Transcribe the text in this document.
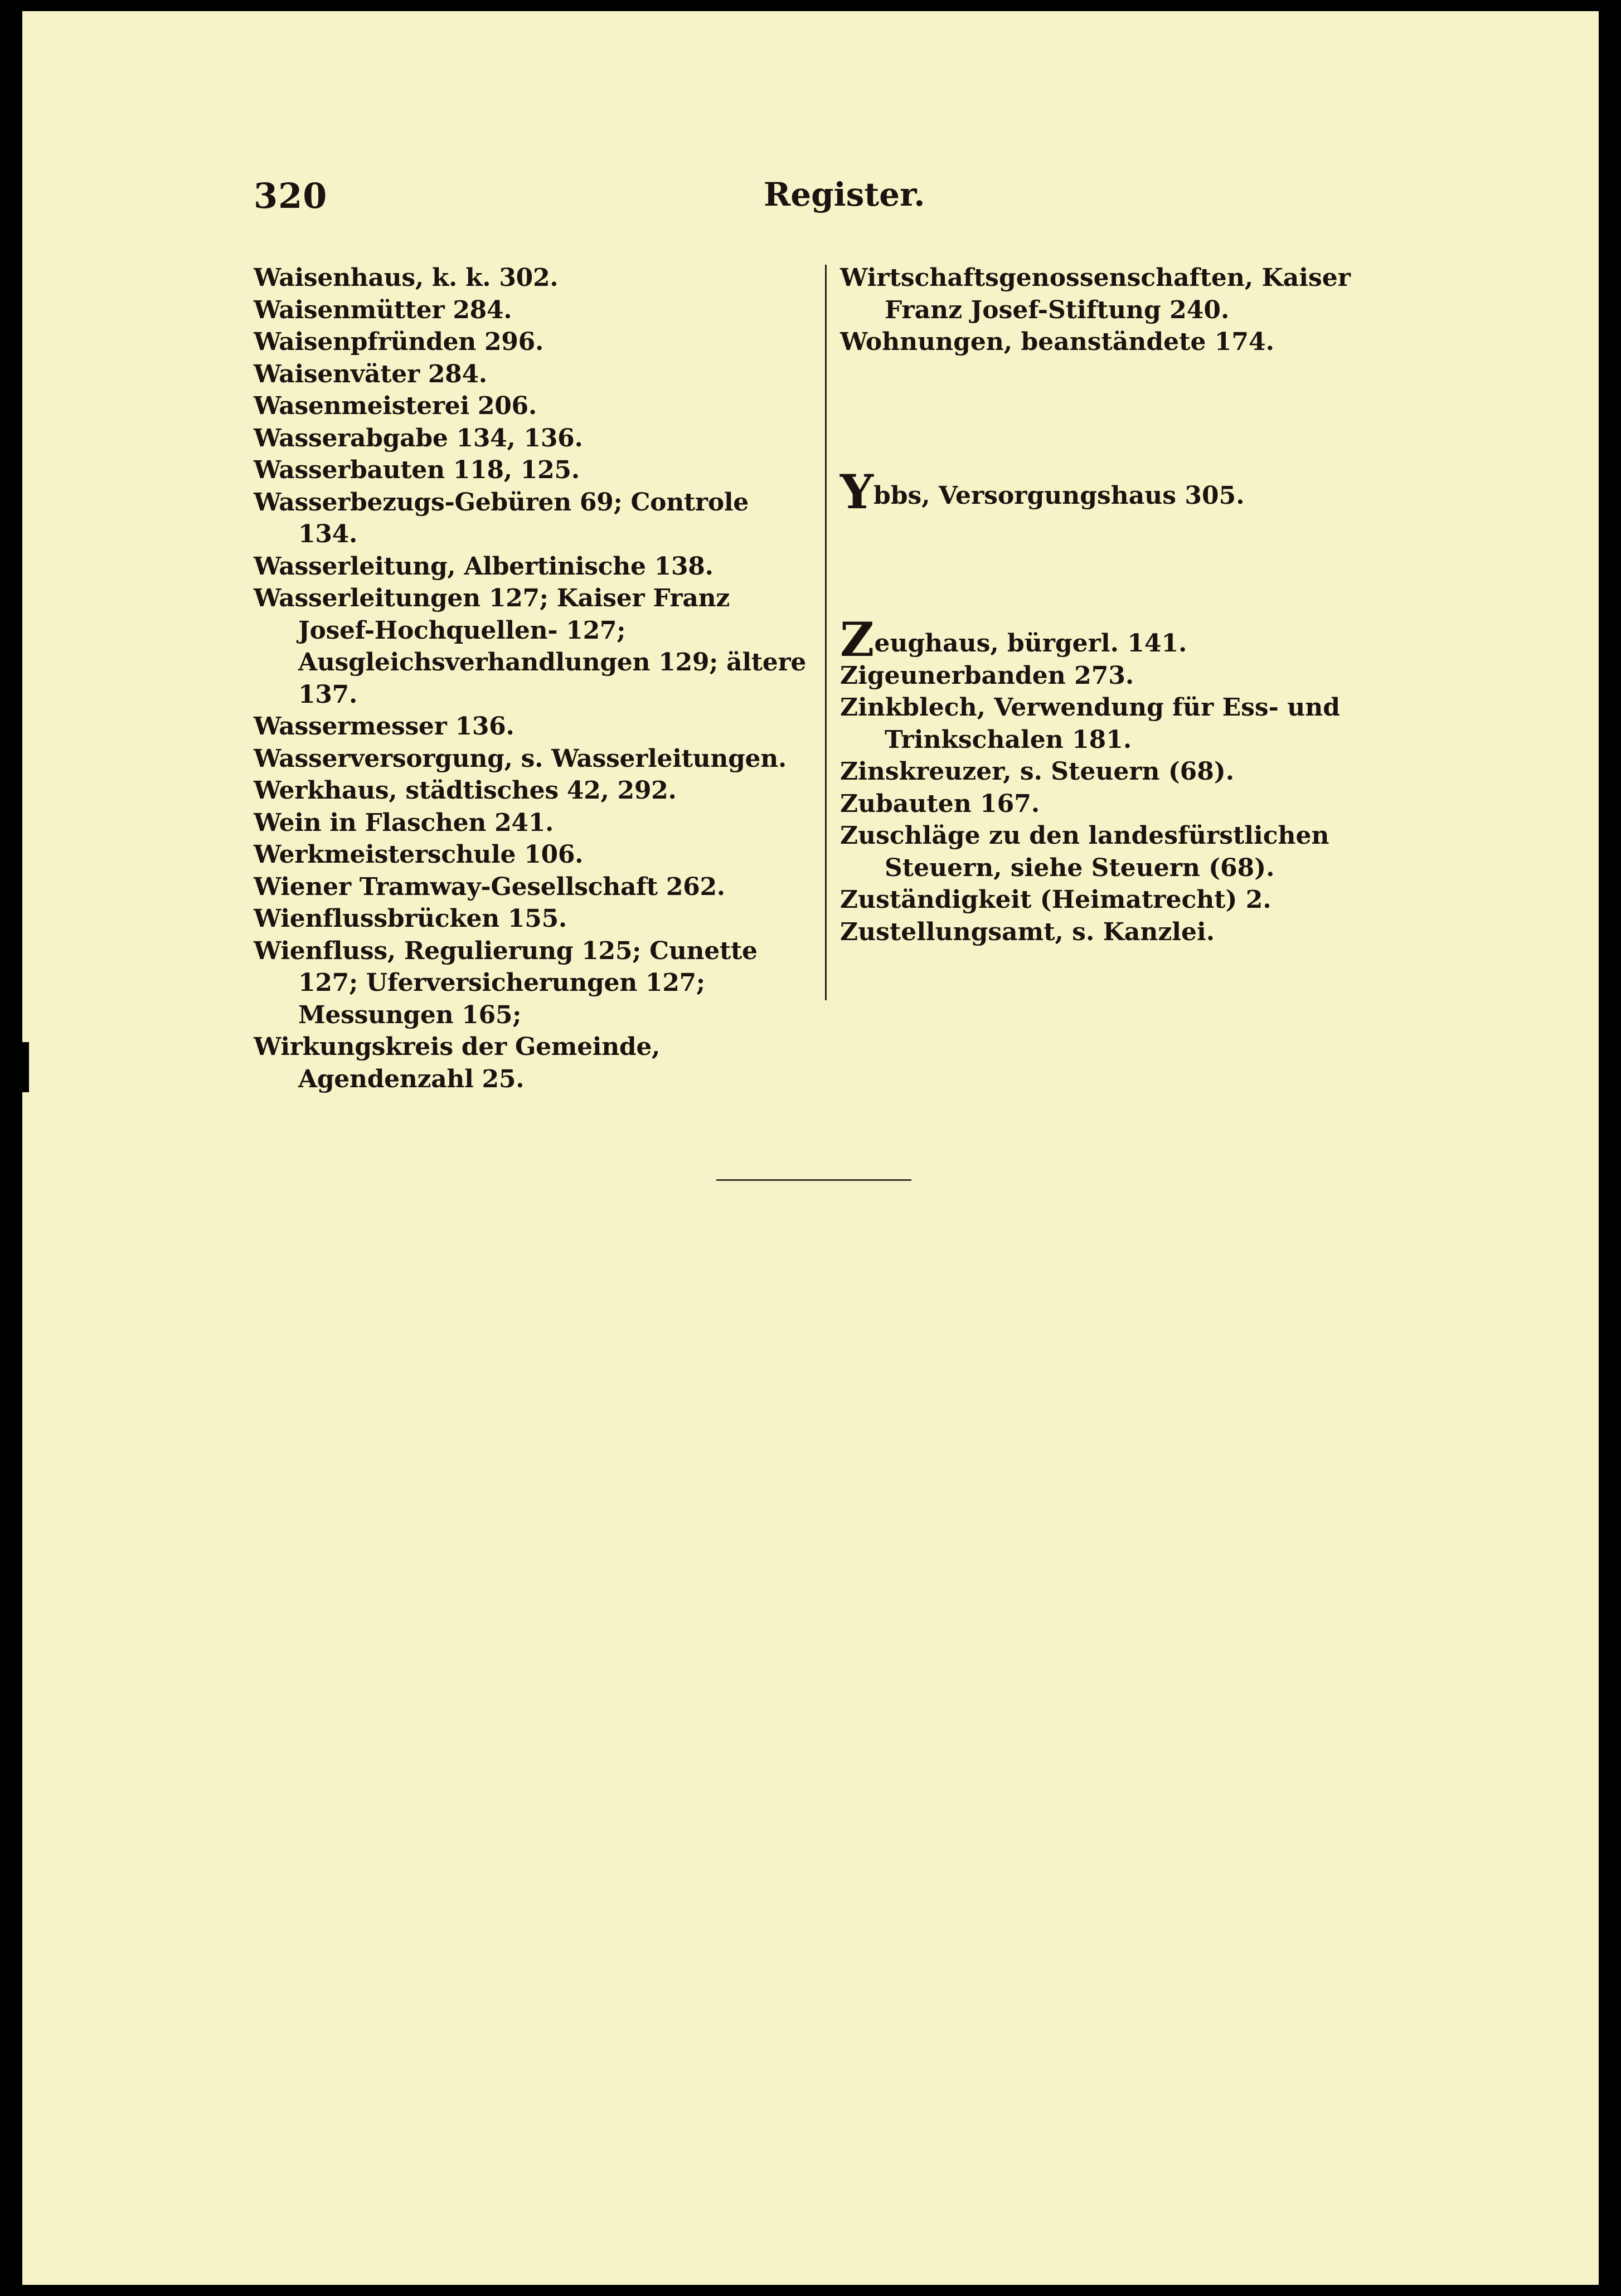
320	Register.
Waisenhaus, k. k. 302.
Waisenmütter 284.
Waisenpfründen 296.
Waisenväter 284.
Wasenmeisterei 206.
Wasserabgabe 134, 136.
Wasserbauten 118, 125.
Wasserbezugs-Gebüren 69; Controle 134.
Wasserleitung, Albertinische 138.
Wasserleitungen 127; Kaiser Franz Josef-Hochquellen- 127; Ausgleichsverhandlungen 129; ältere 137.
Wassermesser 136.
Wasserversorgung, s. Wasserleitungen.
Werkhaus, städtisches 42, 292.
Wein in Flaschen 241.
Werkmeisterschule 106.
Wiener Tramway-Gesellschaft 262.
Wienflussbrücken 155.
Wienfluss, Regulierung 125; Cunette 127; Uferversicherungen 127; Messungen 165;
Wirkungskreis der Gemeinde, Agendenzahl 25.
Wirtschaftsgenossenschaften, Kaiser Franz Josef-Stiftung 240.
Wohnungen, beanständete 174.
Ybbs, Versorgungshaus 305.
Zeughaus, bürgerl. 141.
Zigeunerbanden 273.
Zinkblech, Verwendung für Ess- und Trinkschalen 181.
Zinskreuzer, s. Steuern (68).
Zubauten 167.
Zuschläge zu den landesfürstlichen Steuern, siehe Steuern (68).
Zuständigkeit (Heimatrecht) 2.
Zustellungsamt, s. Kanzlei.
